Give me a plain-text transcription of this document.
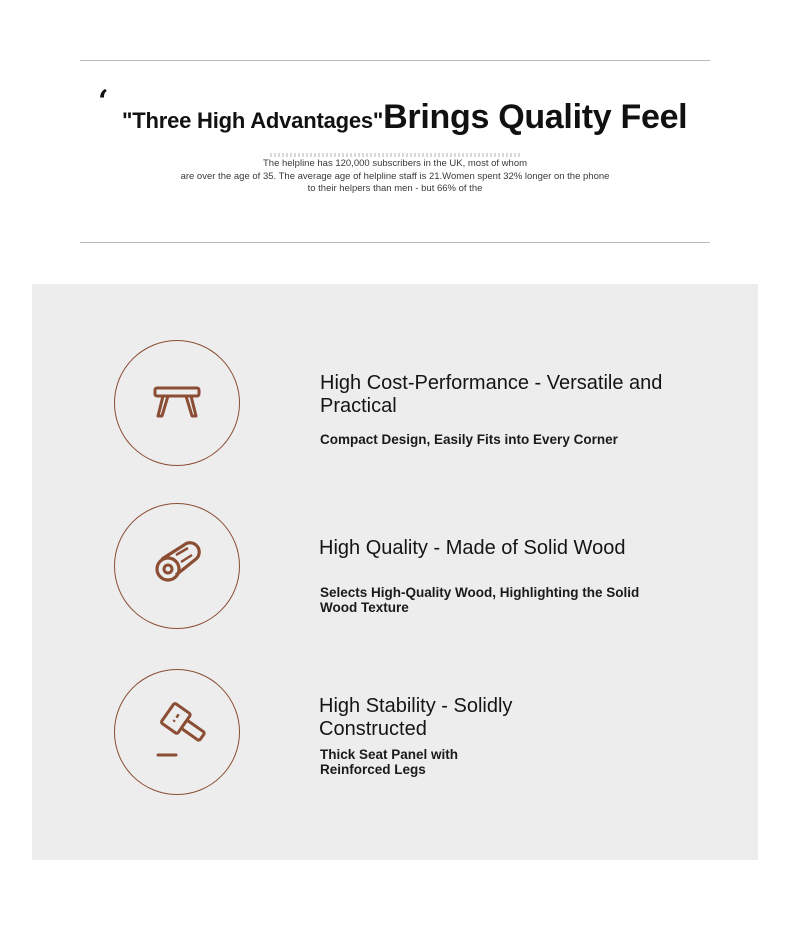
‘
"Three High Advantages"Brings Quality Feel
The helpline has 120,000 subscribers in the UK, most of whom
are over the age of 35. The average age of helpline staff is 21.Women spent 32% longer on the phone
to their helpers than men - but 66% of the
High Cost-Performance - Versatile and Practical
Compact Design, Easily Fits into Every Corner
High Quality - Made of Solid Wood
Selects High-Quality Wood, Highlighting the Solid Wood Texture
High Stability - Solidly Constructed
Thick Seat Panel with Reinforced Legs
